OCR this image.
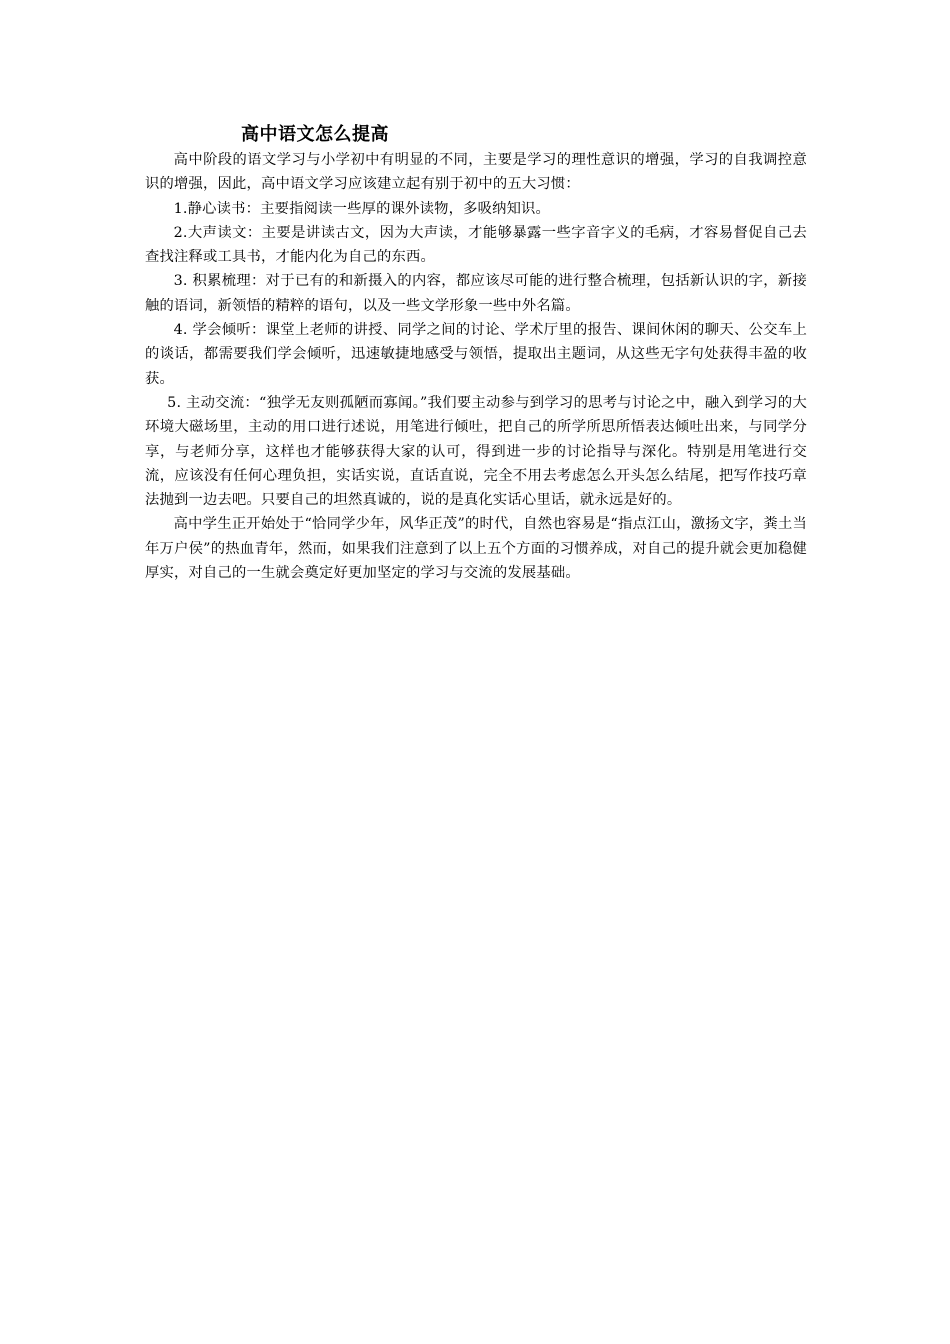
高中语文怎么提高

高中阶段的语文学习与小学初中有明显的不同，主要是学习的理性意识的增强，学习的自我调控意识的增强，因此，高中语文学习应该建立起有别于初中的五大习惯：

1.静心读书：主要指阅读一些厚的课外读物，多吸纳知识。

2.大声读文：主要是讲读古文，因为大声读，才能够暴露一些字音字义的毛病，才容易督促自己去查找注释或工具书，才能内化为自己的东西。

3. 积累梳理：对于已有的和新摄入的内容，都应该尽可能的进行整合梳理，包括新认识的字，新接触的语词，新领悟的精粹的语句，以及一些文学形象一些中外名篇。

4. 学会倾听：课堂上老师的讲授、同学之间的讨论、学术厅里的报告、课间休闲的聊天、公交车上的谈话，都需要我们学会倾听，迅速敏捷地感受与领悟，提取出主题词，从这些无字句处获得丰盈的收获。

5. 主动交流：“独学无友则孤陋而寡闻。”我们要主动参与到学习的思考与讨论之中，融入到学习的大环境大磁场里，主动的用口进行述说，用笔进行倾吐，把自己的所学所思所悟表达倾吐出来，与同学分享，与老师分享，这样也才能够获得大家的认可，得到进一步的讨论指导与深化。特别是用笔进行交流，应该没有任何心理负担，实话实说，直话直说，完全不用去考虑怎么开头怎么结尾，把写作技巧章法抛到一边去吧。只要自己的坦然真诚的，说的是真化实话心里话，就永远是好的。

高中学生正开始处于“恰同学少年，风华正茂”的时代，自然也容易是“指点江山，激扬文字，粪土当年万户侯”的热血青年，然而，如果我们注意到了以上五个方面的习惯养成，对自己的提升就会更加稳健厚实，对自己的一生就会奠定好更加坚定的学习与交流的发展基础。
